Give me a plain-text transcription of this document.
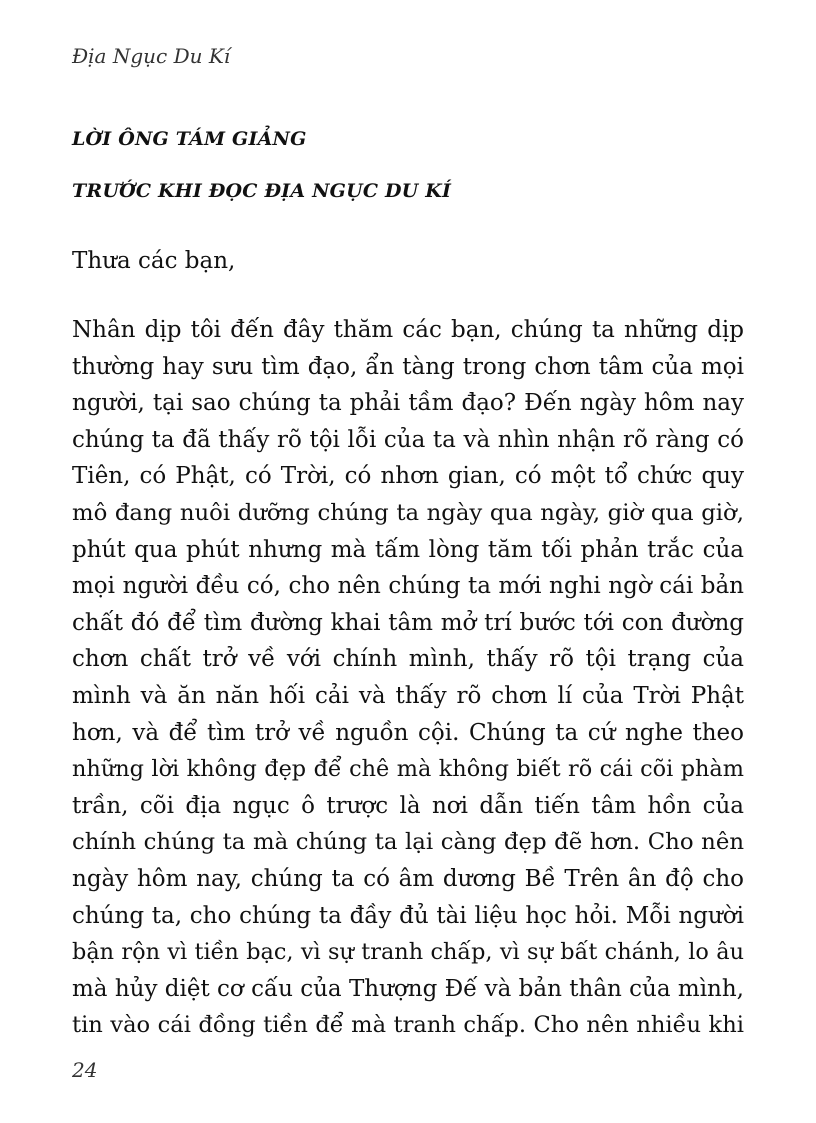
Địa Ngục Du Kí

LỜI ÔNG TÁM GIẢNG
TRƯỚC KHI ĐỌC ĐỊA NGỤC DU KÍ

Thưa các bạn,

Nhân dịp tôi đến đây thăm các bạn, chúng ta những dịp
thường hay sưu tìm đạo, ẩn tàng trong chơn tâm của mọi
người, tại sao chúng ta phải tầm đạo? Đến ngày hôm nay
chúng ta đã thấy rõ tội lỗi của ta và nhìn nhận rõ ràng có
Tiên, có Phật, có Trời, có nhơn gian, có một tổ chức quy
mô đang nuôi dưỡng chúng ta ngày qua ngày, giờ qua giờ,
phút qua phút nhưng mà tấm lòng tăm tối phản trắc của
mọi người đều có, cho nên chúng ta mới nghi ngờ cái bản
chất đó để tìm đường khai tâm mở trí bước tới con đường
chơn chất trở về với chính mình, thấy rõ tội trạng của
mình và ăn năn hối cải và thấy rõ chơn lí của Trời Phật
hơn, và để tìm trở về nguồn cội. Chúng ta cứ nghe theo
những lời không đẹp để chê mà không biết rõ cái cõi phàm
trần, cõi địa ngục ô trược là nơi dẫn tiến tâm hồn của
chính chúng ta mà chúng ta lại càng đẹp đẽ hơn. Cho nên
ngày hôm nay, chúng ta có âm dương Bề Trên ân độ cho
chúng ta, cho chúng ta đầy đủ tài liệu học hỏi. Mỗi người
bận rộn vì tiền bạc, vì sự tranh chấp, vì sự bất chánh, lo âu
mà hủy diệt cơ cấu của Thượng Đế và bản thân của mình,
tin vào cái đồng tiền để mà tranh chấp. Cho nên nhiều khi

24
